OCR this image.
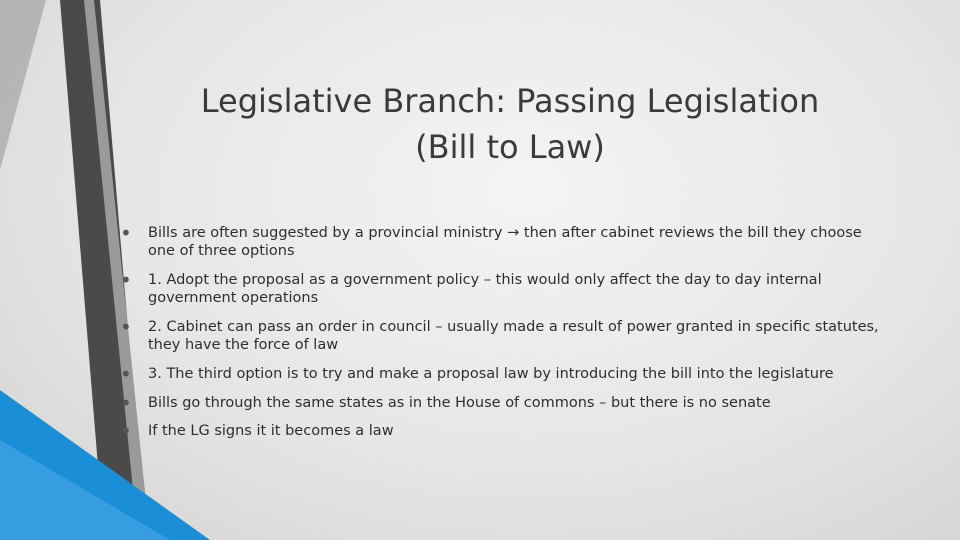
Legislative Branch: Passing Legislation
(Bill to Law)
• Bills are often suggested by a provincial ministry → then after cabinet reviews the bill they choose one of three options
• 1. Adopt the proposal as a government policy – this would only affect the day to day internal government operations
• 2. Cabinet can pass an order in council – usually made a result of power granted in specific statutes, they have the force of law
• 3. The third option is to try and make a proposal law by introducing the bill into the legislature
• Bills go through the same states as in the House of commons – but there is no senate
• If the LG signs it it becomes a law
